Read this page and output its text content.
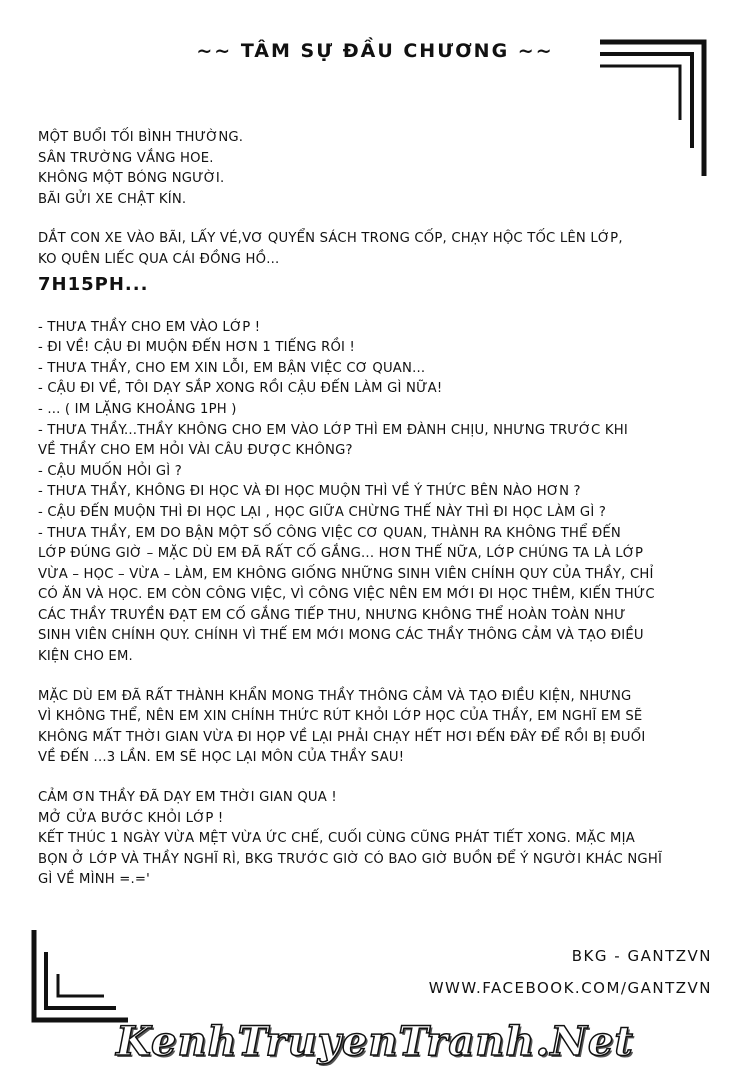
~~ TÂM SỰ ĐẦU CHƯƠNG ~~
MỘT BUỔI TỐI BÌNH THƯỜNG.
SÂN TRƯỜNG VẮNG HOE.
KHÔNG MỘT BÓNG NGƯỜI.
BÃI GỬI XE CHẬT KÍN.
DẮT CON XE VÀO BÃI, LẤY VÉ,VƠ QUYỂN SÁCH TRONG CỐP, CHẠY HỘC TỐC LÊN LỚP,
KO QUÊN LIẾC QUA CÁI ĐỒNG HỒ...
7H15PH...
- THƯA THẦY CHO EM VÀO LỚP !
- ĐI VỀ! CẬU ĐI MUỘN ĐẾN HƠN 1 TIẾNG RỒI !
- THƯA THẦY, CHO EM XIN LỖI, EM BẬN VIỆC CƠ QUAN...
- CẬU ĐI VỀ, TÔI DẠY SẮP XONG RỒI CẬU ĐẾN LÀM GÌ NỮA!
- ... ( IM LẶNG KHOẢNG 1PH )
- THƯA THẦY...THẦY KHÔNG CHO EM VÀO LỚP THÌ EM ĐÀNH CHỊU, NHƯNG TRƯỚC KHI
VỀ THẦY CHO EM HỎI VÀI CÂU ĐƯỢC KHÔNG?
- CẬU MUỐN HỎI GÌ ?
- THƯA THẦY, KHÔNG ĐI HỌC VÀ ĐI HỌC MUỘN THÌ VỀ Ý THỨC BÊN NÀO HƠN ?
- CẬU ĐẾN MUỘN THÌ ĐI HỌC LẠI , HỌC GIỮA CHỪNG THẾ NÀY THÌ ĐI HỌC LÀM GÌ ?
- THƯA THẦY, EM DO BẬN MỘT SỐ CÔNG VIỆC CƠ QUAN, THÀNH RA KHÔNG THỂ ĐẾN
LỚP ĐÚNG GIỜ – MẶC DÙ EM ĐÃ RẤT CỐ GẮNG... HƠN THẾ NỮA, LỚP CHÚNG TA LÀ LỚP
VỪA – HỌC – VỪA – LÀM, EM KHÔNG GIỐNG NHỮNG SINH VIÊN CHÍNH QUY CỦA THẦY, CHỈ
CÓ ĂN VÀ HỌC. EM CÒN CÔNG VIỆC, VÌ CÔNG VIỆC NÊN EM MỚI ĐI HỌC THÊM, KIẾN THỨC
CÁC THẦY TRUYỀN ĐẠT EM CỐ GẮNG TIẾP THU, NHƯNG KHÔNG THỂ HOÀN TOÀN NHƯ
SINH VIÊN CHÍNH QUY. CHÍNH VÌ THẾ EM MỚI MONG CÁC THẦY THÔNG CẢM VÀ TẠO ĐIỀU
KIỆN CHO EM.
MẶC DÙ EM ĐÃ RẤT THÀNH KHẨN MONG THẦY THÔNG CẢM VÀ TẠO ĐIỀU KIỆN, NHƯNG
VÌ KHÔNG THỂ, NÊN EM XIN CHÍNH THỨC RÚT KHỎI LỚP HỌC CỦA THẦY, EM NGHĨ EM SẼ
KHÔNG MẤT THỜI GIAN VỪA ĐI HỌP VỀ LẠI PHẢI CHẠY HẾT HƠI ĐẾN ĐÂY ĐỂ RỒI BỊ ĐUỔI
VỀ ĐẾN ...3 LẦN. EM SẼ HỌC LẠI MÔN CỦA THẦY SAU!
CẢM ƠN THẦY ĐÃ DẠY EM THỜI GIAN QUA !
MỞ CỬA BƯỚC KHỎI LỚP !
KẾT THÚC 1 NGÀY VỪA MỆT VỪA ỨC CHẾ, CUỐI CÙNG CŨNG PHÁT TIẾT XONG. MẶC MỊA
BỌN Ở LỚP VÀ THẦY NGHĨ RÌ, BKG TRƯỚC GIỜ CÓ BAO GIỜ BUỒN ĐỂ Ý NGƯỜI KHÁC NGHĨ
GÌ VỀ MÌNH =.='
BKG - GANTZVN
WWW.FACEBOOK.COM/GANTZVN
KenhTruyenTranh.Net
